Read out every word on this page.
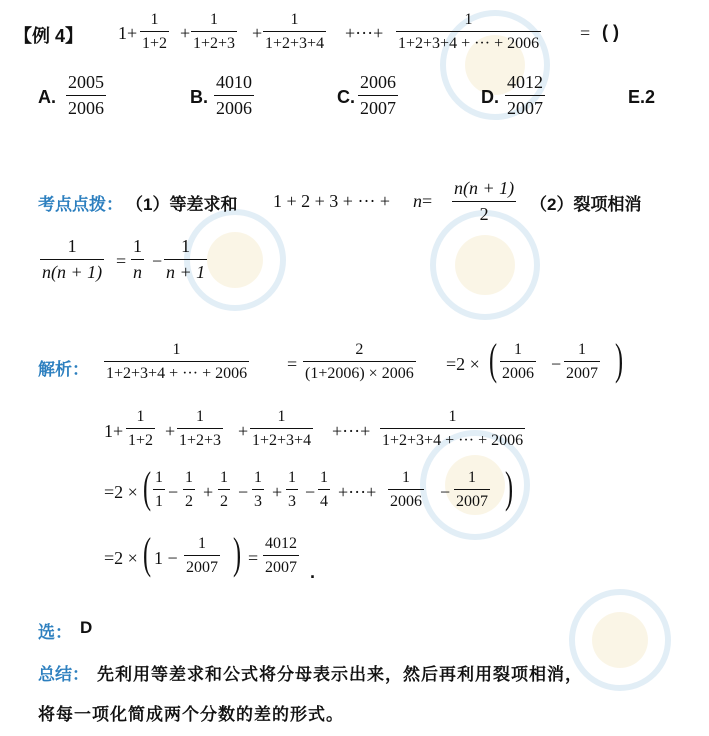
【例 4】 1+
1
1+2
+
1
1+2+3
+
1
1+2+3+4
+···+
1
1+2+3+4 + ··· + 2006
= ( )
A.
2005
2006
B.
4010
2006
C.
2006
2007
D.
4012
2007
E.2
考点点拨： （1）等差求和 1 + 2 + 3 + ··· + n =
n(n + 1)
2 （2）裂项相消
1
n(n + 1)
=
1
n
−
1
n + 1
解析：
1
1+2+3+4 + ··· + 2006 =
2
(1+2006) × 2006 =2 × ( 1
2006 −
1
2007 )
1+
1
1+2 +
1
1+2+3 +
1
1+2+3+4 +···+
1
1+2+3+4 + ··· + 2006
=2 × ( 1
1 −
1
2 +
1
2 −
1
3 +
1
3 −
1
4 +···+
1
2006 −
1
2007 )
=2 × ( 1 −
1
2007 ) =
4012
2007 .
选： D
总结： 先利用等差求和公式将分母表示出来，然后再利用裂项相消，
将每一项化简成两个分数的差的形式。
